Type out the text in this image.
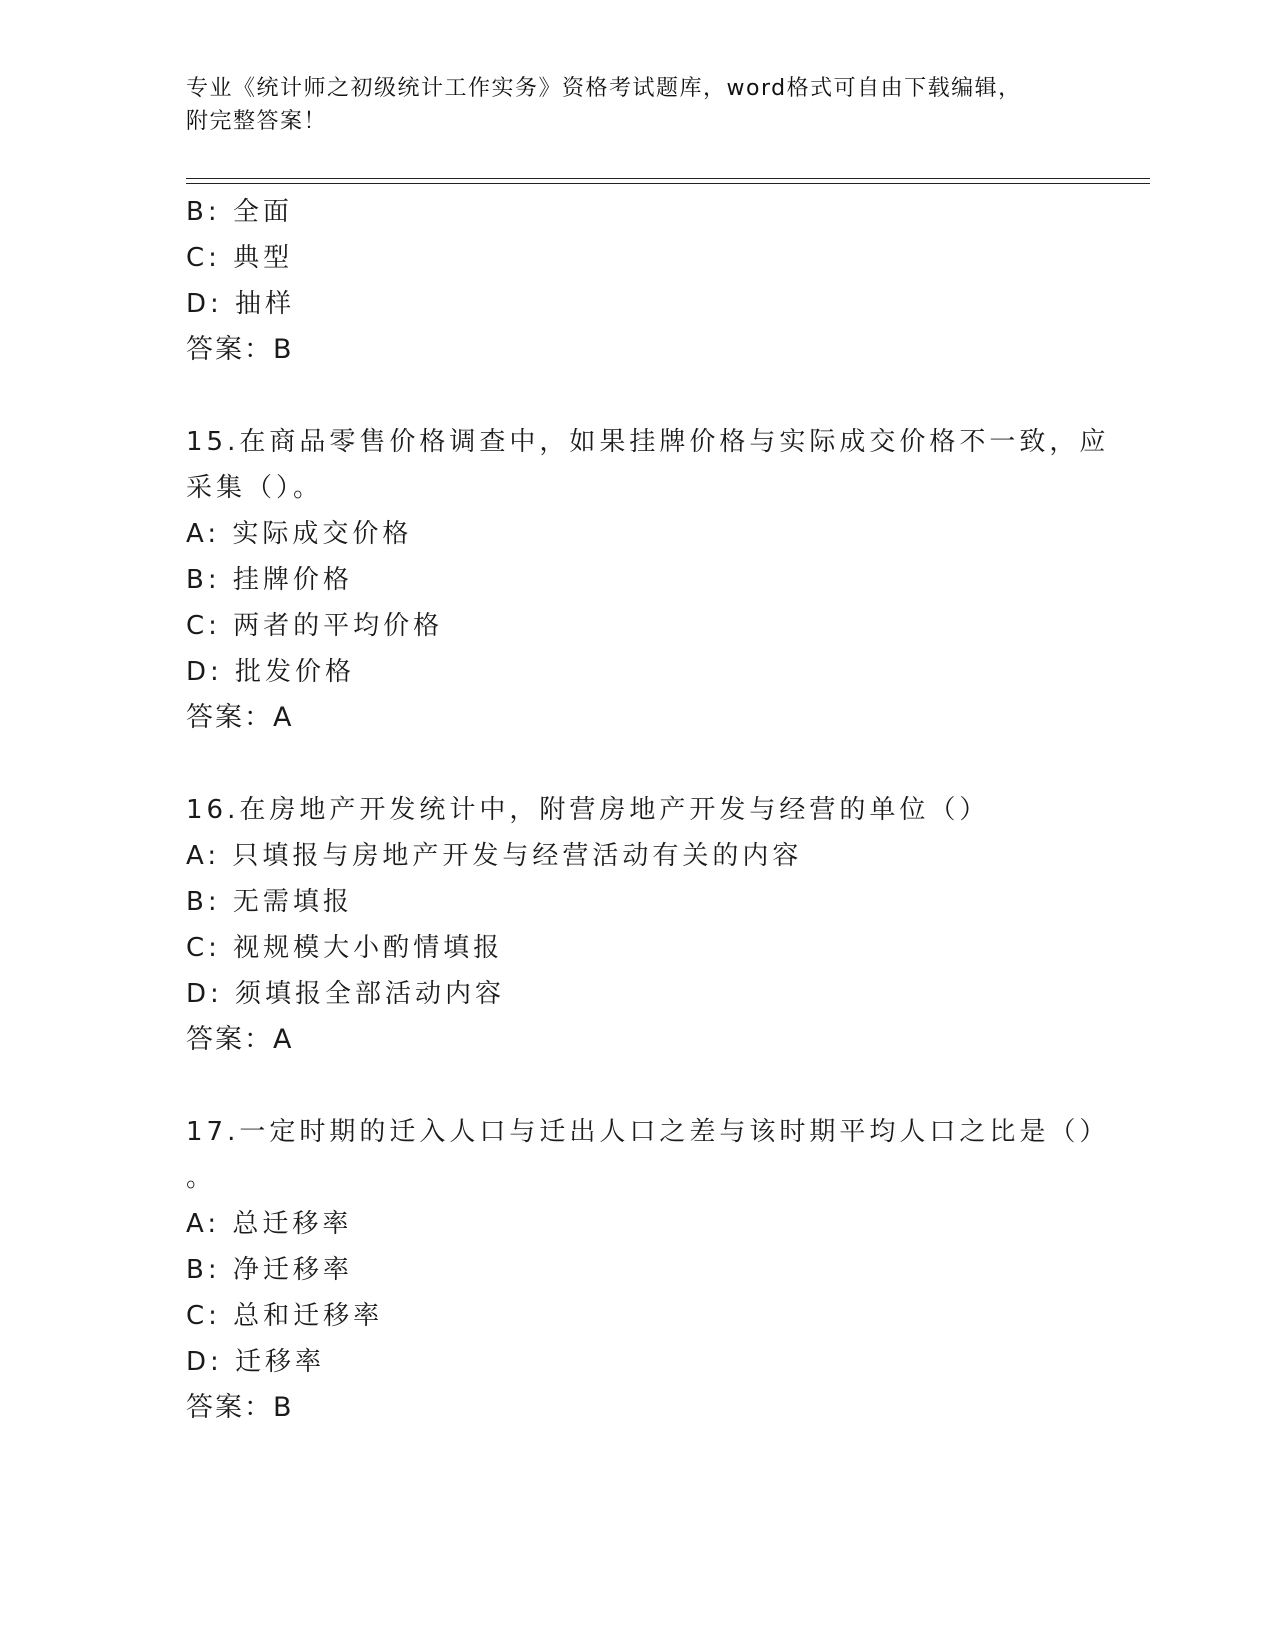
专业《统计师之初级统计工作实务》资格考试题库，word格式可自由下载编辑，
附完整答案！
B: 全面
C: 典型
D: 抽样
答案：B
15.在商品零售价格调查中，如果挂牌价格与实际成交价格不一致，应
采集（）。
A: 实际成交价格
B: 挂牌价格
C: 两者的平均价格
D: 批发价格
答案：A
16.在房地产开发统计中，附营房地产开发与经营的单位（）
A: 只填报与房地产开发与经营活动有关的内容
B: 无需填报
C: 视规模大小酌情填报
D: 须填报全部活动内容
答案：A
17.一定时期的迁入人口与迁出人口之差与该时期平均人口之比是（）
。
A: 总迁移率
B: 净迁移率
C: 总和迁移率
D: 迁移率
答案：B
